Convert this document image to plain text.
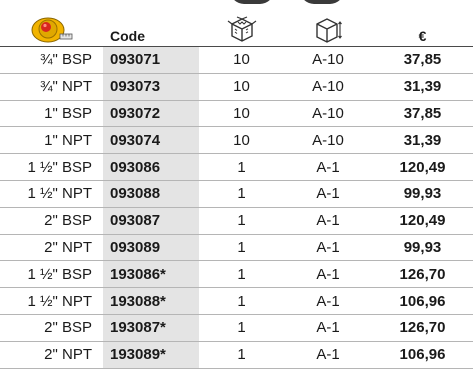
	Code			€
¾" BSP	093071	10	A-10	37,85
¾" NPT	093073	10	A-10	31,39
1" BSP	093072	10	A-10	37,85
1" NPT	093074	10	A-10	31,39
1 ½" BSP	093086	1	A-1	120,49
1 ½" NPT	093088	1	A-1	99,93
2" BSP	093087	1	A-1	120,49
2" NPT	093089	1	A-1	99,93
1 ½" BSP	193086*	1	A-1	126,70
1 ½" NPT	193088*	1	A-1	106,96
2" BSP	193087*	1	A-1	126,70
2" NPT	193089*	1	A-1	106,96
